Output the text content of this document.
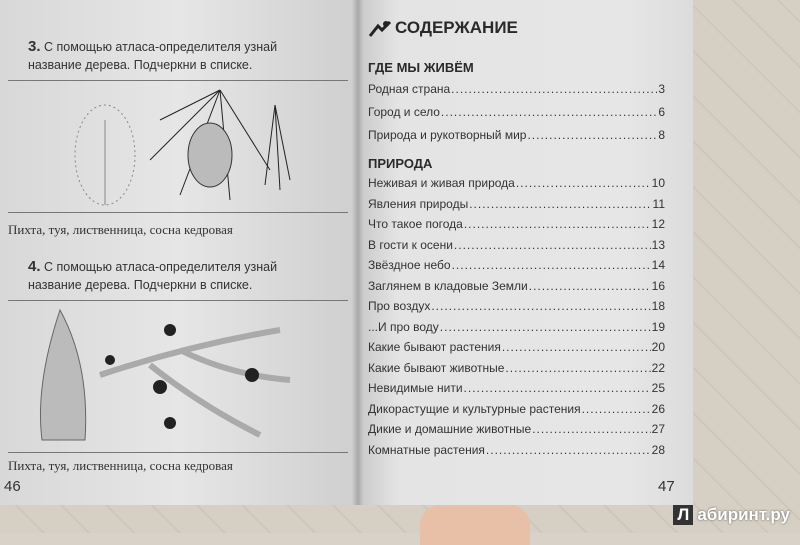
3. С помощью атласа-определителя узнай название дерева. Подчеркни в списке.
Пихта, туя, лиственница, сосна кедровая
4. С помощью атласа-определителя узнай название дерева. Подчеркни в списке.
Пихта, туя, лиственница, сосна кедровая
46
СОДЕРЖАНИЕ
ГДЕ МЫ ЖИВЁМ
Родная страна .....	3
Город и село .....	6
Природа и рукотворный мир .....	8
ПРИРОДА
Неживая и живая природа .....	10
Явления природы .....	11
Что такое погода .....	12
В гости к осени .....	13
Звёздное небо .....	14
Заглянем в кладовые Земли .....	16
Про воздух .....	18
...И про воду .....	19
Какие бывают растения .....	20
Какие бывают животные .....	22
Невидимые нити .....	25
Дикорастущие и культурные растения .....	26
Дикие и домашние животные .....	27
Комнатные растения .....	28
47
Л абиринт.ру
